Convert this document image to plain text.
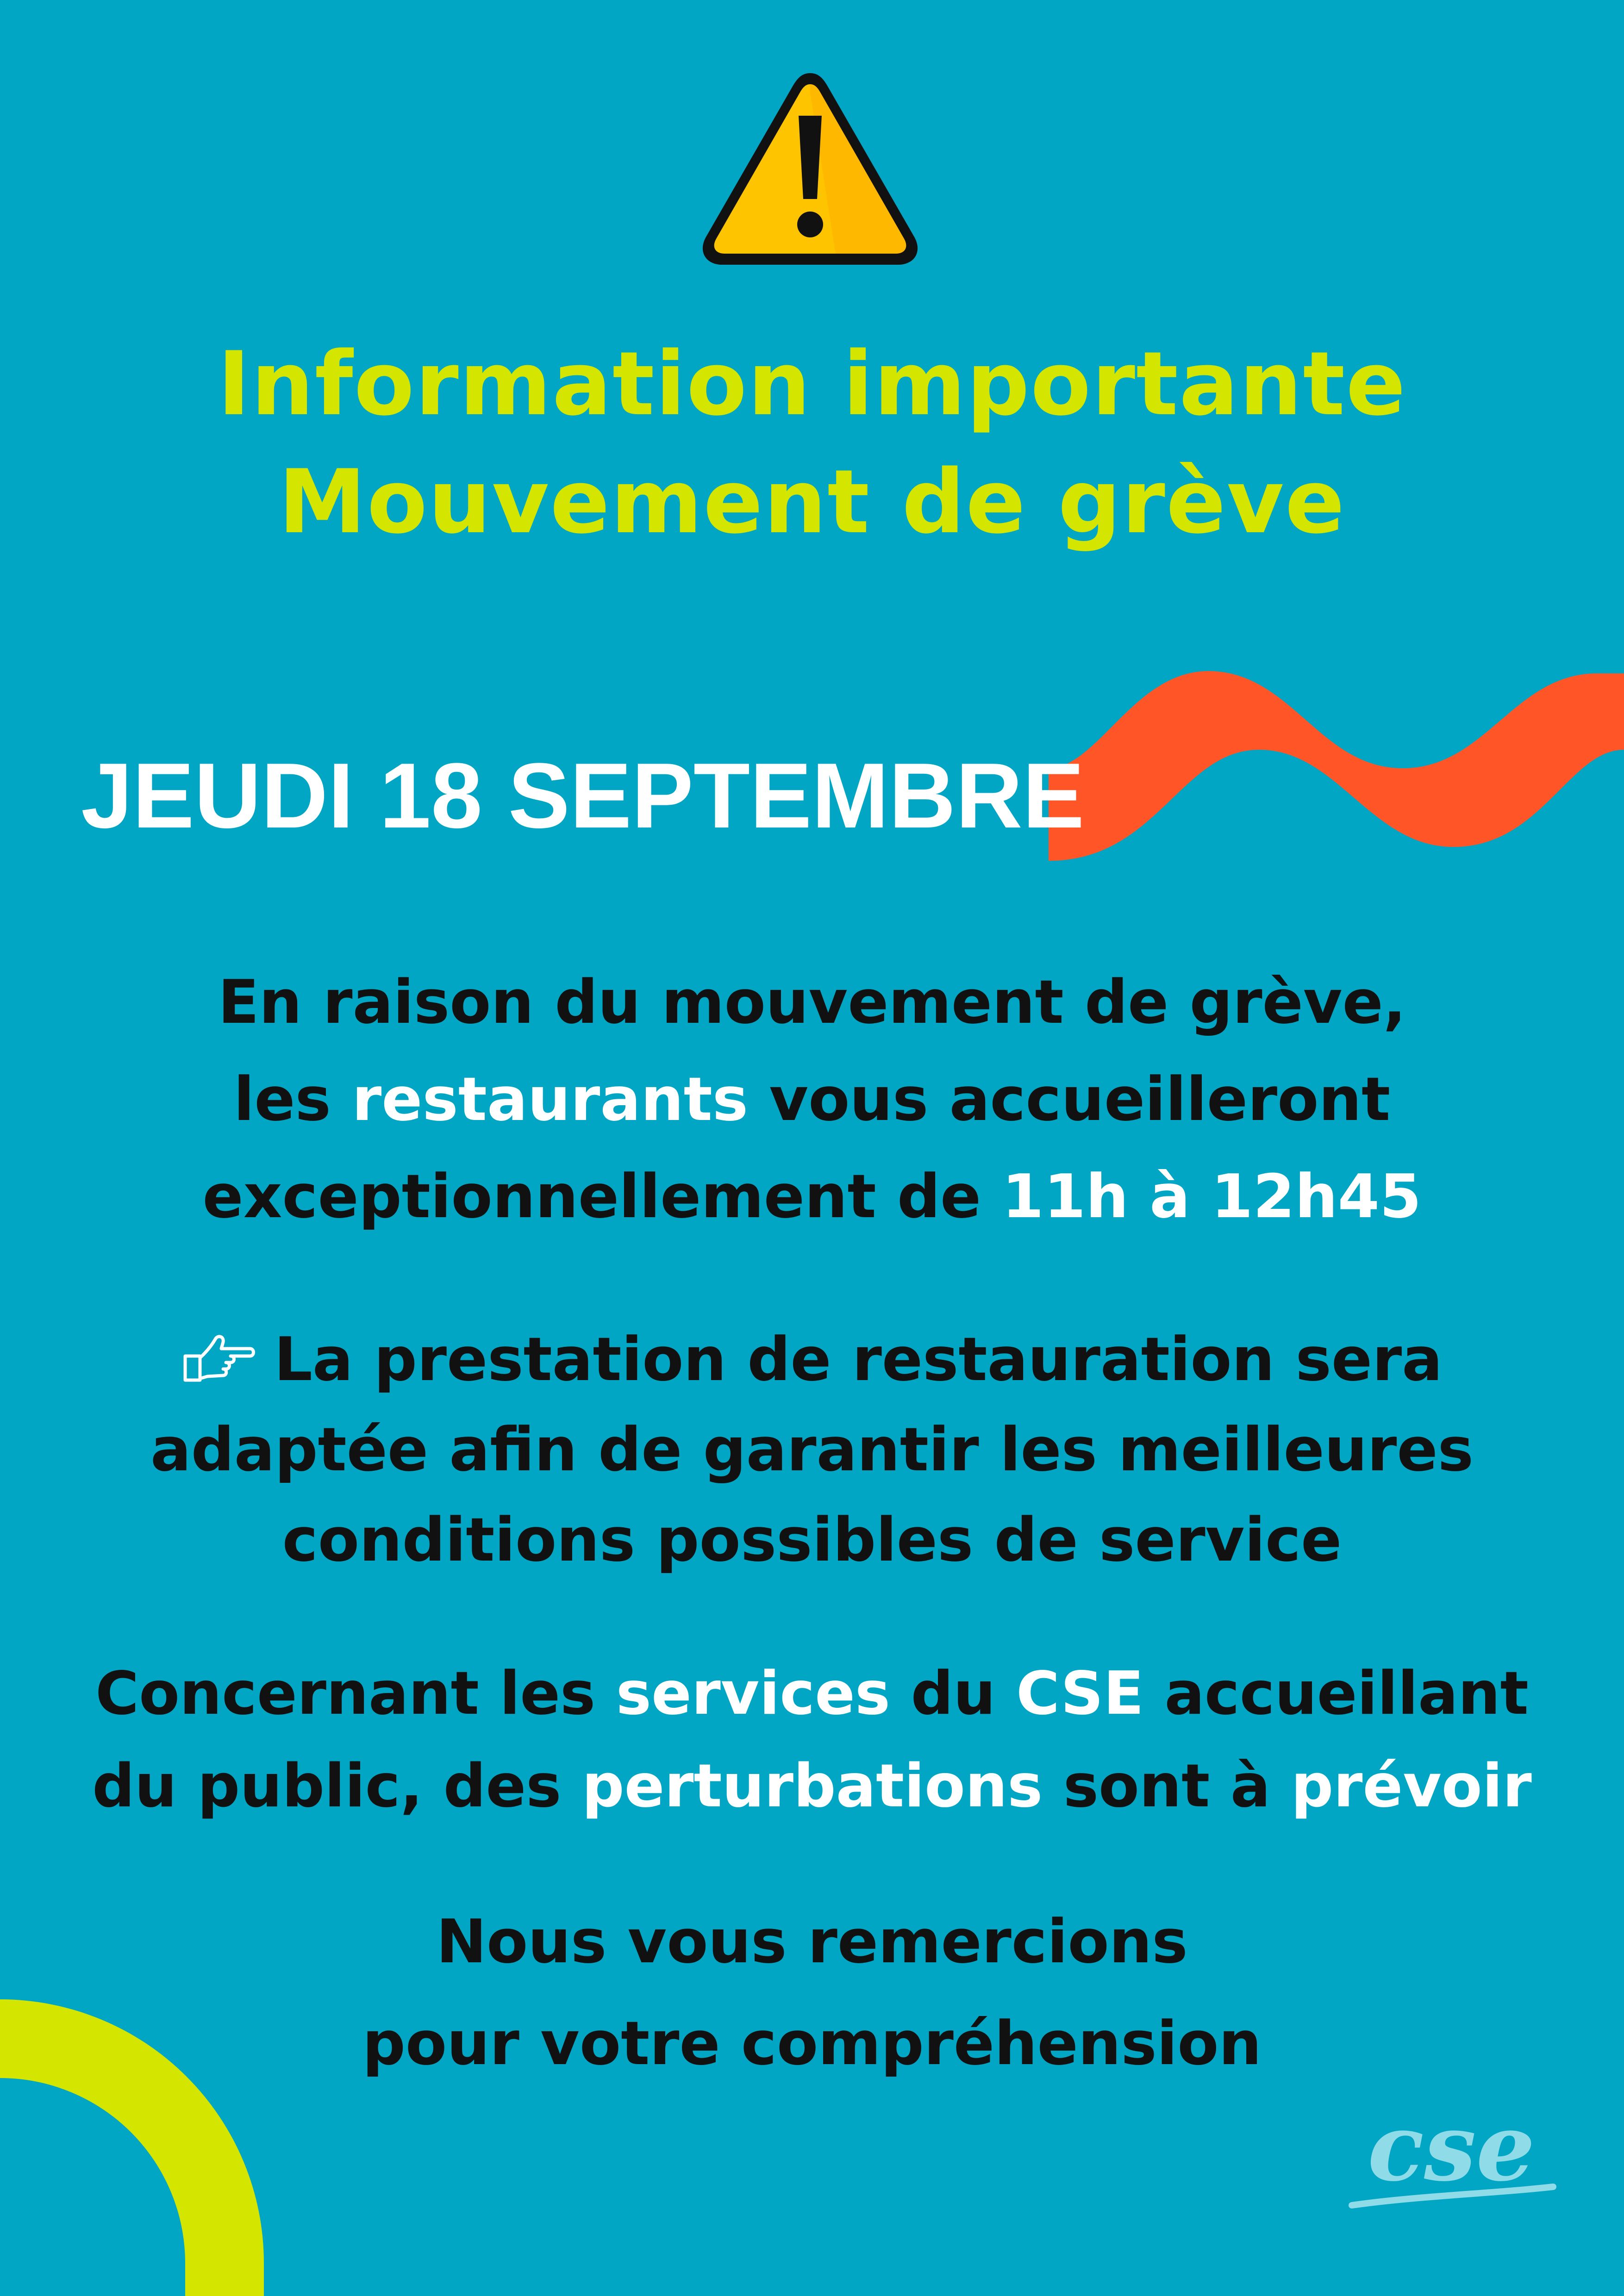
Information importante
Mouvement de grève
JEUDI 18 SEPTEMBRE
En raison du mouvement de grève,
les restaurants vous accueilleront
exceptionnellement de 11h à 12h45
La prestation de restauration sera
adaptée afin de garantir les meilleures
conditions possibles de service
Concernant les services du CSE accueillant
du public, des perturbations sont à prévoir
Nous vous remercions
pour votre compréhension
cse
